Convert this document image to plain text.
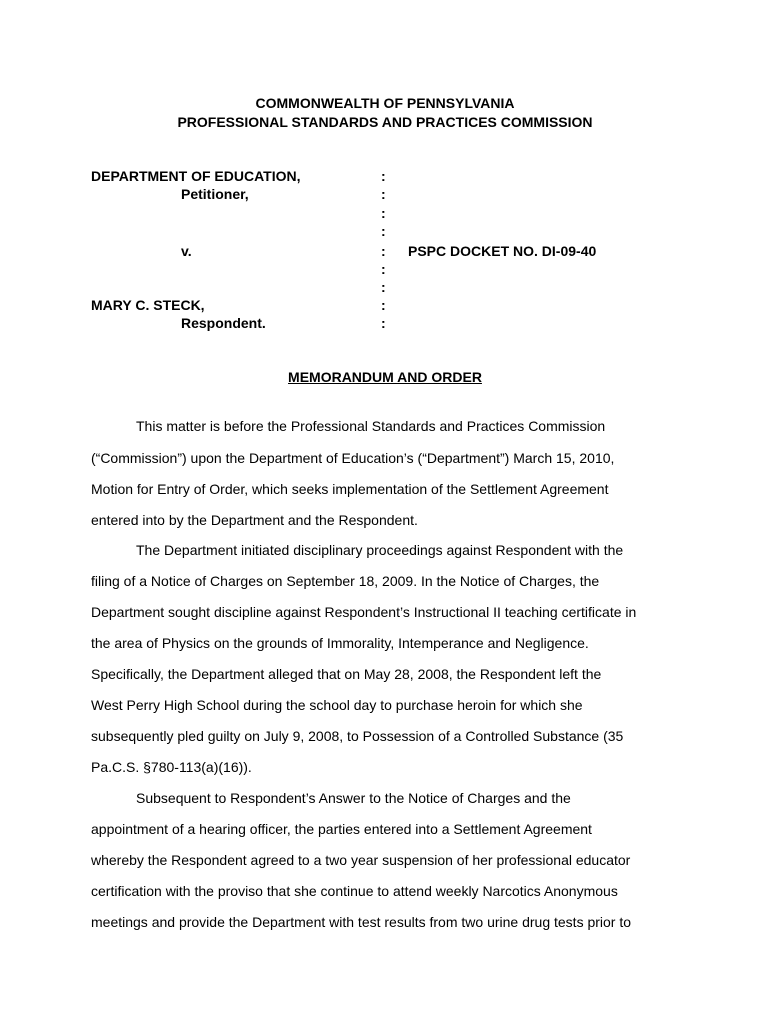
COMMONWEALTH OF PENNSYLVANIA
PROFESSIONAL STANDARDS AND PRACTICES COMMISSION
DEPARTMENT OF EDUCATION,
Petitioner,
v.
MARY C. STECK,
Respondent.
:
:
:
:
:
:
:
:
:
PSPC DOCKET NO. DI-09-40
MEMORANDUM AND ORDER
This matter is before the Professional Standards and Practices Commission
(“Commission”) upon the Department of Education’s (“Department”) March 15, 2010,
Motion for Entry of Order, which seeks implementation of the Settlement Agreement
entered into by the Department and the Respondent.
The Department initiated disciplinary proceedings against Respondent with the
filing of a Notice of Charges on September 18, 2009. In the Notice of Charges, the
Department sought discipline against Respondent’s Instructional II teaching certificate in
the area of Physics on the grounds of Immorality, Intemperance and Negligence.
Specifically, the Department alleged that on May 28, 2008, the Respondent left the
West Perry High School during the school day to purchase heroin for which she
subsequently pled guilty on July 9, 2008, to Possession of a Controlled Substance (35
Pa.C.S. §780-113(a)(16)).
Subsequent to Respondent’s Answer to the Notice of Charges and the
appointment of a hearing officer, the parties entered into a Settlement Agreement
whereby the Respondent agreed to a two year suspension of her professional educator
certification with the proviso that she continue to attend weekly Narcotics Anonymous
meetings and provide the Department with test results from two urine drug tests prior to
